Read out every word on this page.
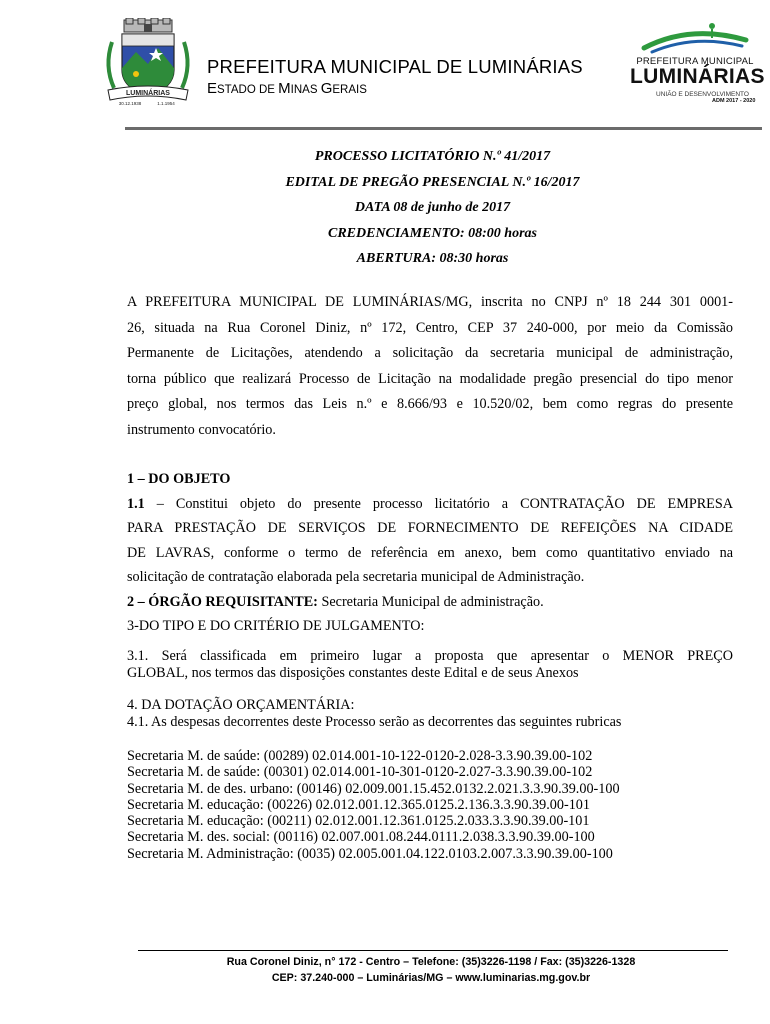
LUMINÁRIAS
30.12.1938	1.1.1954
PREFEITURA MUNICIPAL DE LUMINÁRIAS
ESTADO DE MINAS GERAIS
PREFEITURA MUNICIPAL
LUMINÁRIAS
UNIÃO E DESENVOLVIMENTO
ADM 2017 - 2020
PROCESSO LICITATÓRIO N.º 41/2017
EDITAL DE PREGÃO PRESENCIAL N.º 16/2017
DATA 08 de junho de 2017
CREDENCIAMENTO: 08:00 horas
ABERTURA: 08:30 horas
A PREFEITURA MUNICIPAL DE LUMINÁRIAS/MG, inscrita no CNPJ nº 18 244 301 0001-
26, situada na Rua Coronel Diniz, nº 172, Centro, CEP 37 240-000, por meio da Comissão
Permanente de Licitações, atendendo a solicitação da secretaria municipal de administração,
torna público que realizará Processo de Licitação na modalidade pregão presencial do tipo menor
preço global, nos termos das Leis n.º e 8.666/93 e 10.520/02, bem como regras do presente
instrumento convocatório.
1 – DO OBJETO
1.1 – Constitui objeto do presente processo licitatório a CONTRATAÇÃO DE EMPRESA
PARA PRESTAÇÃO DE SERVIÇOS DE FORNECIMENTO DE REFEIÇÕES NA CIDADE
DE LAVRAS, conforme o termo de referência em anexo, bem como quantitativo enviado na
solicitação de contratação elaborada pela secretaria municipal de Administração.
2 – ÓRGÃO REQUISITANTE: Secretaria Municipal de administração.
3-DO TIPO E DO CRITÉRIO DE JULGAMENTO:
3.1. Será classificada em primeiro lugar a proposta que apresentar o MENOR PREÇO
GLOBAL, nos termos das disposições constantes deste Edital e de seus Anexos
4. DA DOTAÇÃO ORÇAMENTÁRIA:
4.1. As despesas decorrentes deste Processo serão as decorrentes das seguintes rubricas
Secretaria M. de saúde: (00289) 02.014.001-10-122-0120-2.028-3.3.90.39.00-102
Secretaria M. de saúde: (00301) 02.014.001-10-301-0120-2.027-3.3.90.39.00-102
Secretaria M. de des. urbano: (00146) 02.009.001.15.452.0132.2.021.3.3.90.39.00-100
Secretaria M. educação: (00226) 02.012.001.12.365.0125.2.136.3.3.90.39.00-101
Secretaria M. educação: (00211) 02.012.001.12.361.0125.2.033.3.3.90.39.00-101
Secretaria M. des. social: (00116) 02.007.001.08.244.0111.2.038.3.3.90.39.00-100
Secretaria M. Administração: (0035) 02.005.001.04.122.0103.2.007.3.3.90.39.00-100
Rua Coronel Diniz, n° 172 - Centro – Telefone: (35)3226-1198 / Fax: (35)3226-1328
CEP: 37.240-000 – Luminárias/MG – www.luminarias.mg.gov.br
